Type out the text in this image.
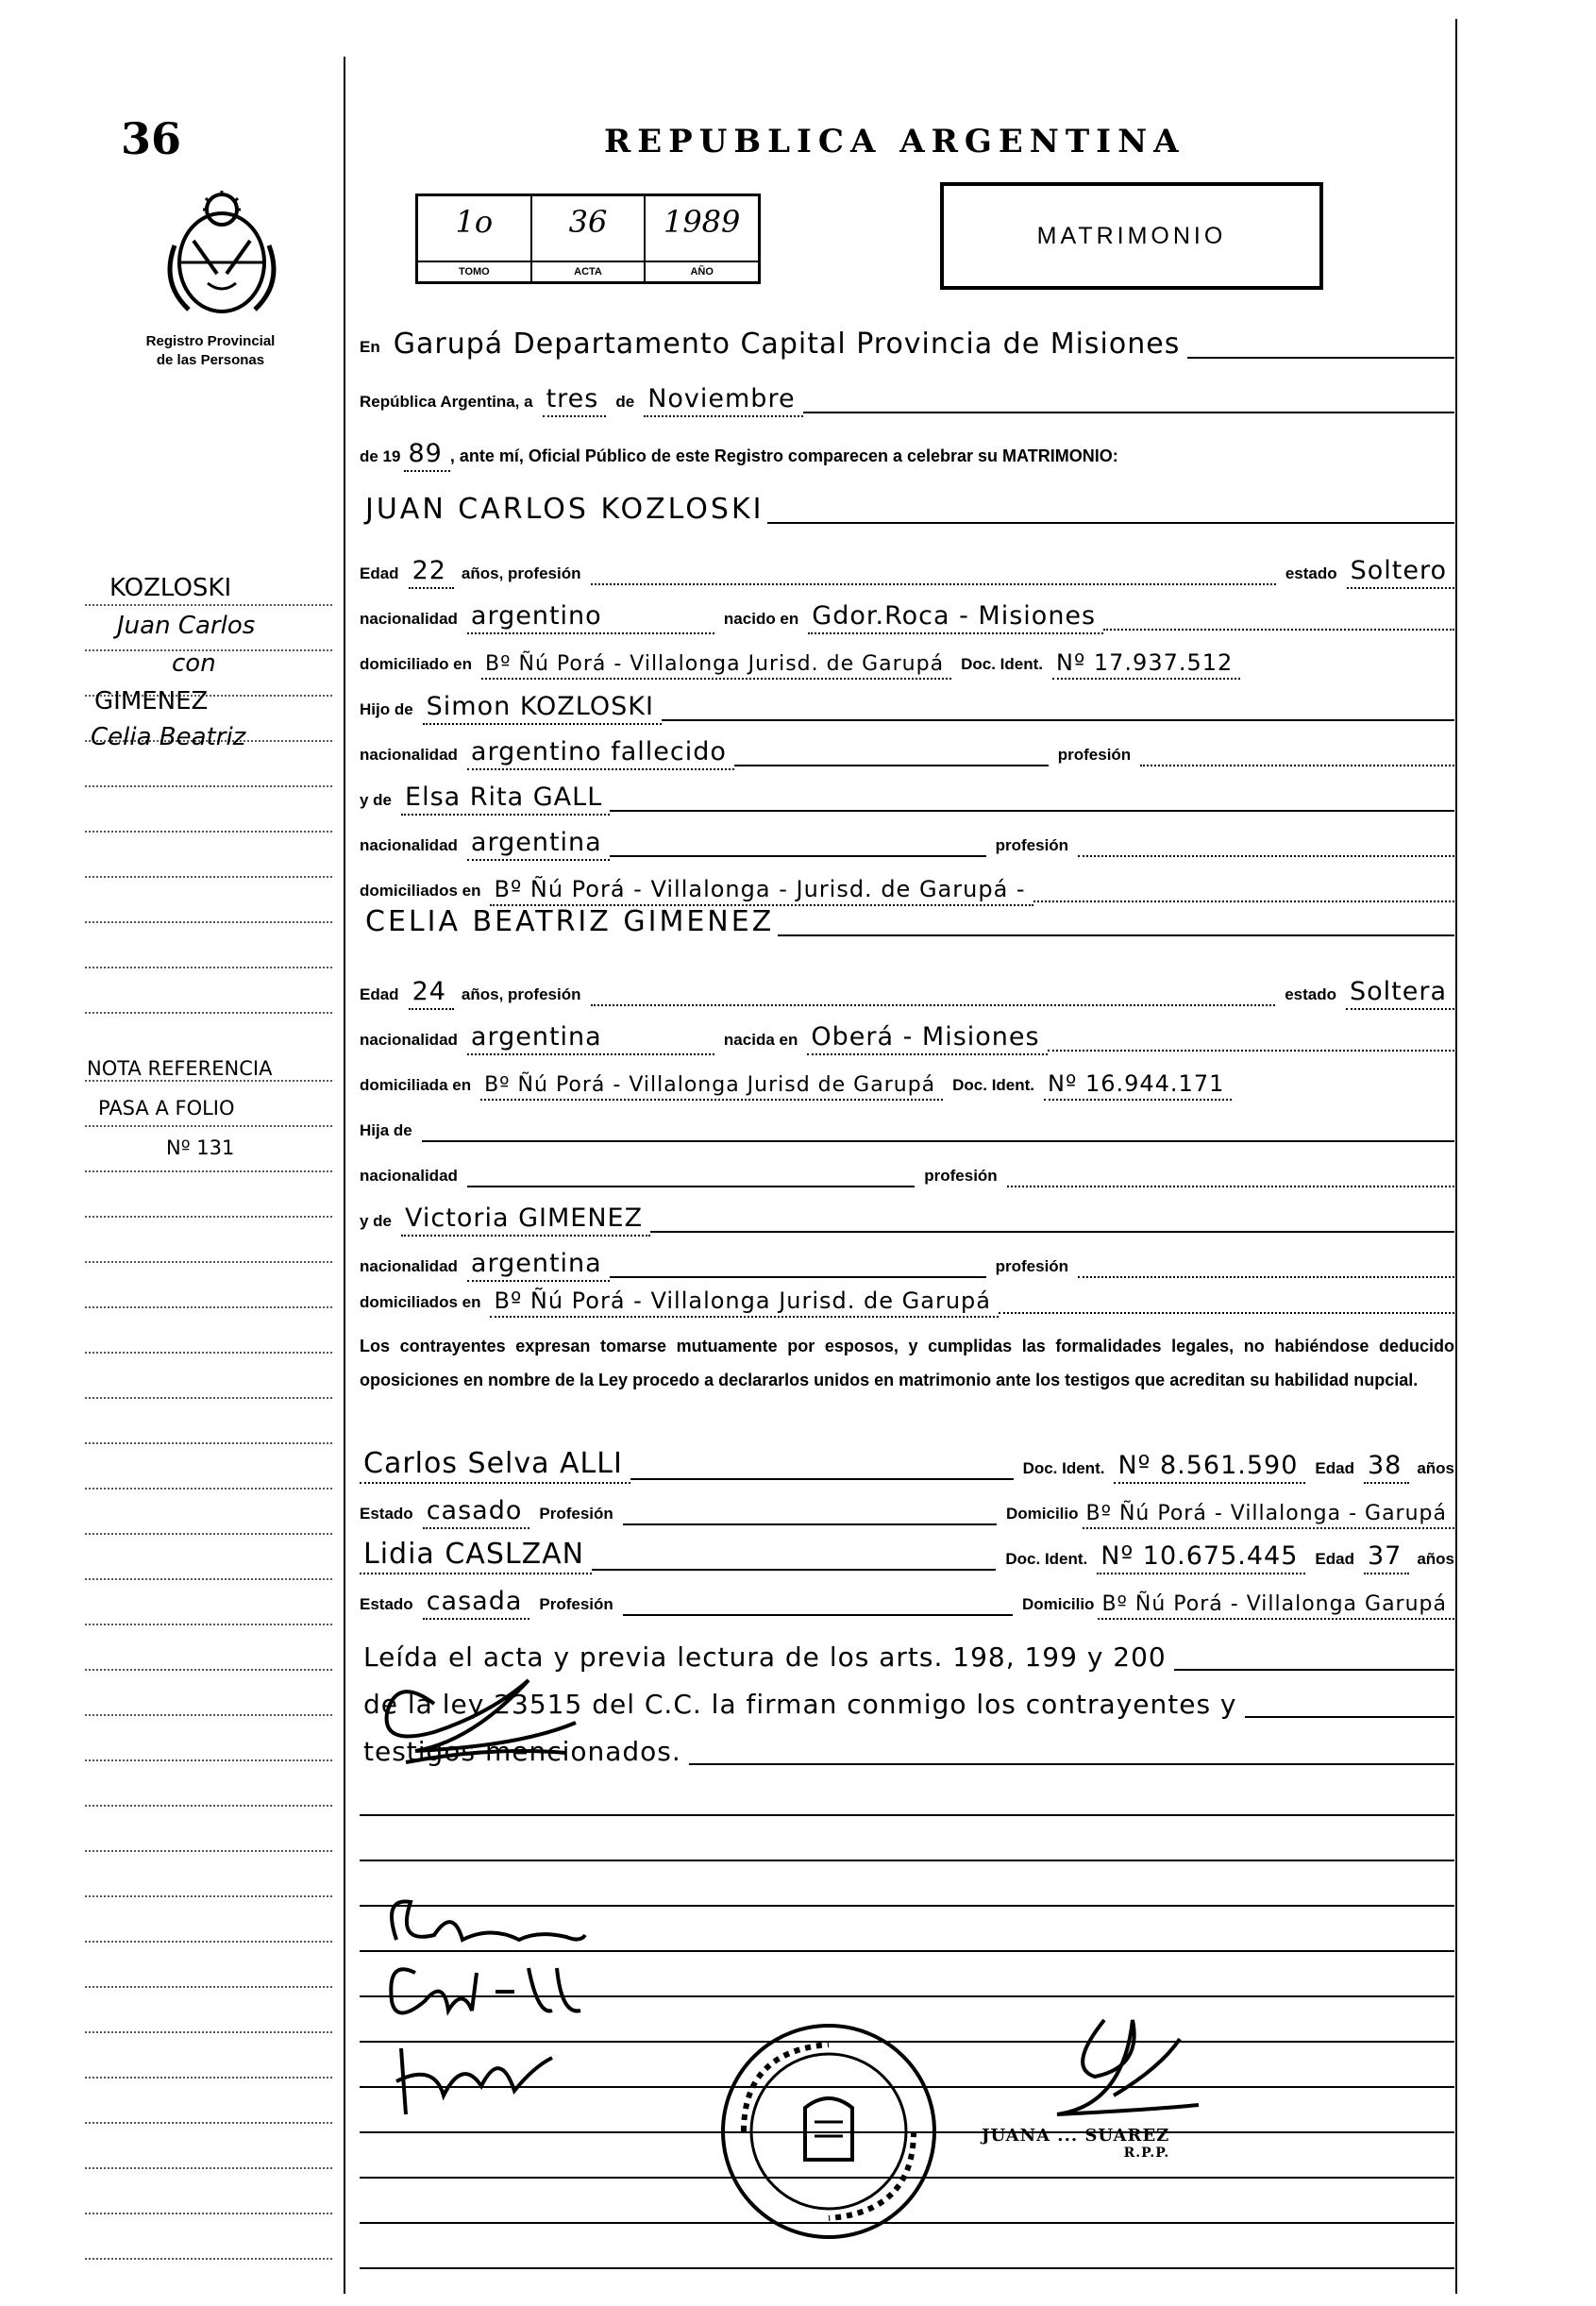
36
Registro Provincial
de las Personas
REPUBLICA ARGENTINA
1o
TOMO
36
ACTA
1989
AÑO
MATRIMONIO
En Garupá Departamento Capital Provincia de Misiones
República Argentina, a tres	de Noviembre
de 19 89 , ante mí, Oficial Público de este Registro comparecen a celebrar su MATRIMONIO:
JUAN CARLOS KOZLOSKI
Edad 22 años, profesión	estado Soltero
nacionalidad argentino	nacido en Gdor.Roca - Misiones
domiciliado en Bº Ñú Porá - Villalonga Jurisd. de Garupá	Doc. Ident. Nº 17.937.512
Hijo de Simon KOZLOSKI
nacionalidad argentino fallecido	profesión
y de Elsa Rita GALL
nacionalidad argentina	profesión
domiciliados en Bº Ñú Porá - Villalonga - Jurisd. de Garupá -
CELIA BEATRIZ GIMENEZ
Edad 24 años, profesión	estado Soltera
nacionalidad argentina	nacida en Oberá - Misiones
domiciliada en Bº Ñú Porá - Villalonga Jurisd de Garupá	Doc. Ident. Nº 16.944.171
Hija de
nacionalidad	profesión
y de Victoria GIMENEZ
nacionalidad argentina	profesión
domiciliados en Bº Ñú Porá - Villalonga Jurisd. de Garupá
Los contrayentes expresan tomarse mutuamente por esposos, y cumplidas las formalidades legales, no habiéndose deducido oposiciones en nombre de la Ley procedo a declararlos unidos en matrimonio ante los testigos que acreditan su habilidad nupcial.
Carlos Selva ALLI	Doc. Ident. Nº 8.561.590	Edad 38 años
Estado casado	Profesión	Domicilio Bº Ñú Porá - Villalonga - Garupá
Lidia CASLZAN	Doc. Ident. Nº 10.675.445	Edad 37 años
Estado casada	Profesión	Domicilio Bº Ñú Porá - Villalonga Garupá
Leída el acta y previa lectura de los arts. 198, 199 y 200
de la ley 23515 del C.C. la firman conmigo los contrayentes y
testigos mencionados.
JUANA ... SUAREZ
R.P.P.
KOZLOSKI
Juan Carlos
con
GIMENEZ
Celia Beatriz
NOTA REFERENCIA
PASA A FOLIO
Nº 131
